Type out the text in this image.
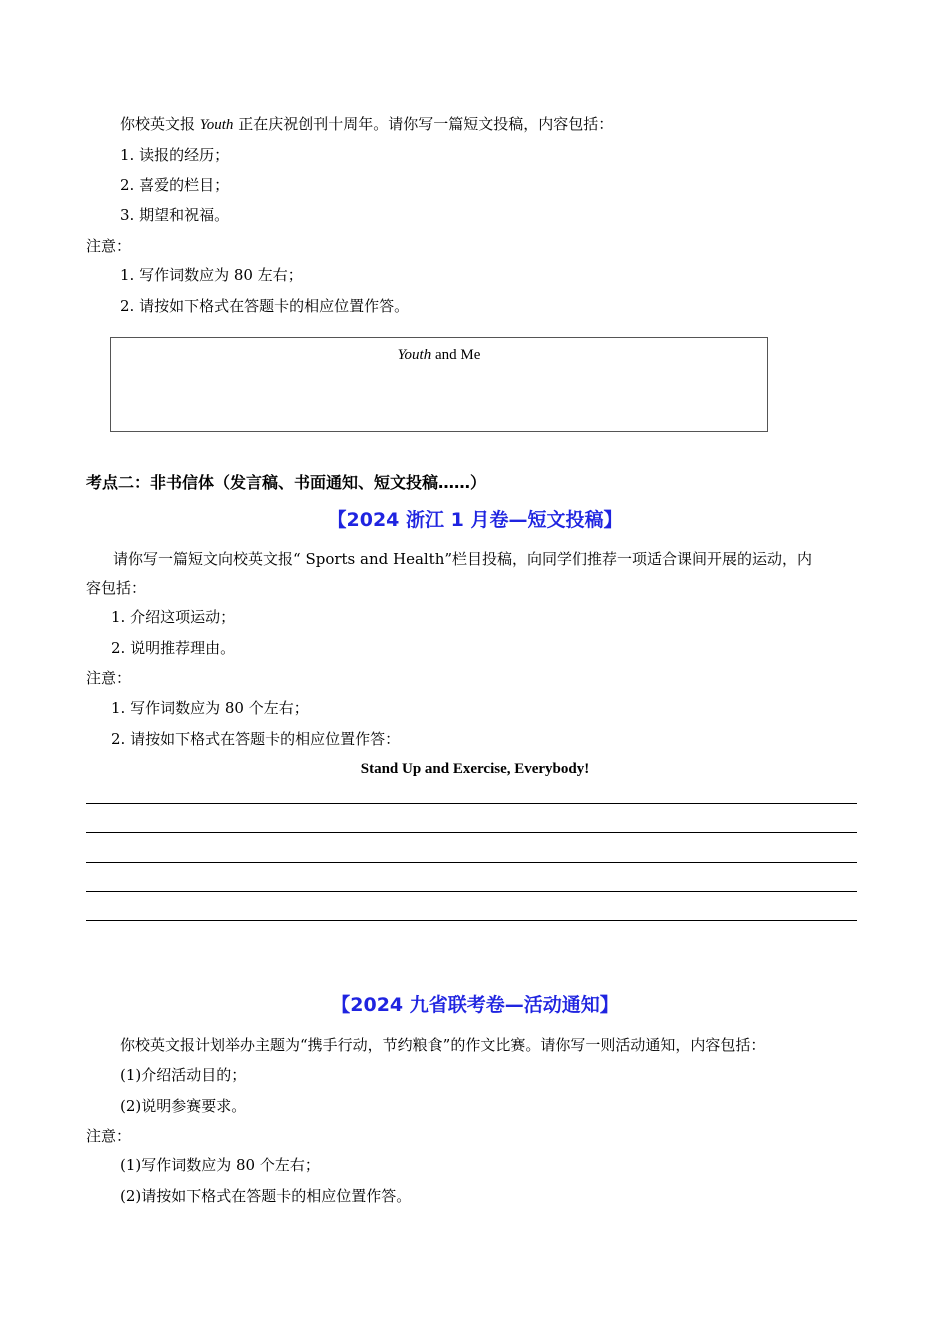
你校英文报 Youth 正在庆祝创刊十周年。请你写一篇短文投稿，内容包括：
1. 读报的经历；
2. 喜爱的栏目；
3. 期望和祝福。
注意：
1. 写作词数应为 80 左右；
2. 请按如下格式在答题卡的相应位置作答。
Youth and Me
考点二：非书信体（发言稿、书面通知、短文投稿……）
【2024 浙江 1 月卷—短文投稿】
请你写一篇短文向校英文报“ Sports and Health”栏目投稿，向同学们推荐一项适合课间开展的运动，内
容包括：
1. 介绍这项运动；
2. 说明推荐理由。
注意：
1. 写作词数应为 80 个左右；
2. 请按如下格式在答题卡的相应位置作答：
Stand Up and Exercise, Everybody!
【2024 九省联考卷—活动通知】
你校英文报计划举办主题为“携手行动，节约粮食”的作文比赛。请你写一则活动通知，内容包括：
(1)介绍活动目的；
(2)说明参赛要求。
注意：
(1)写作词数应为 80 个左右；
(2)请按如下格式在答题卡的相应位置作答。
